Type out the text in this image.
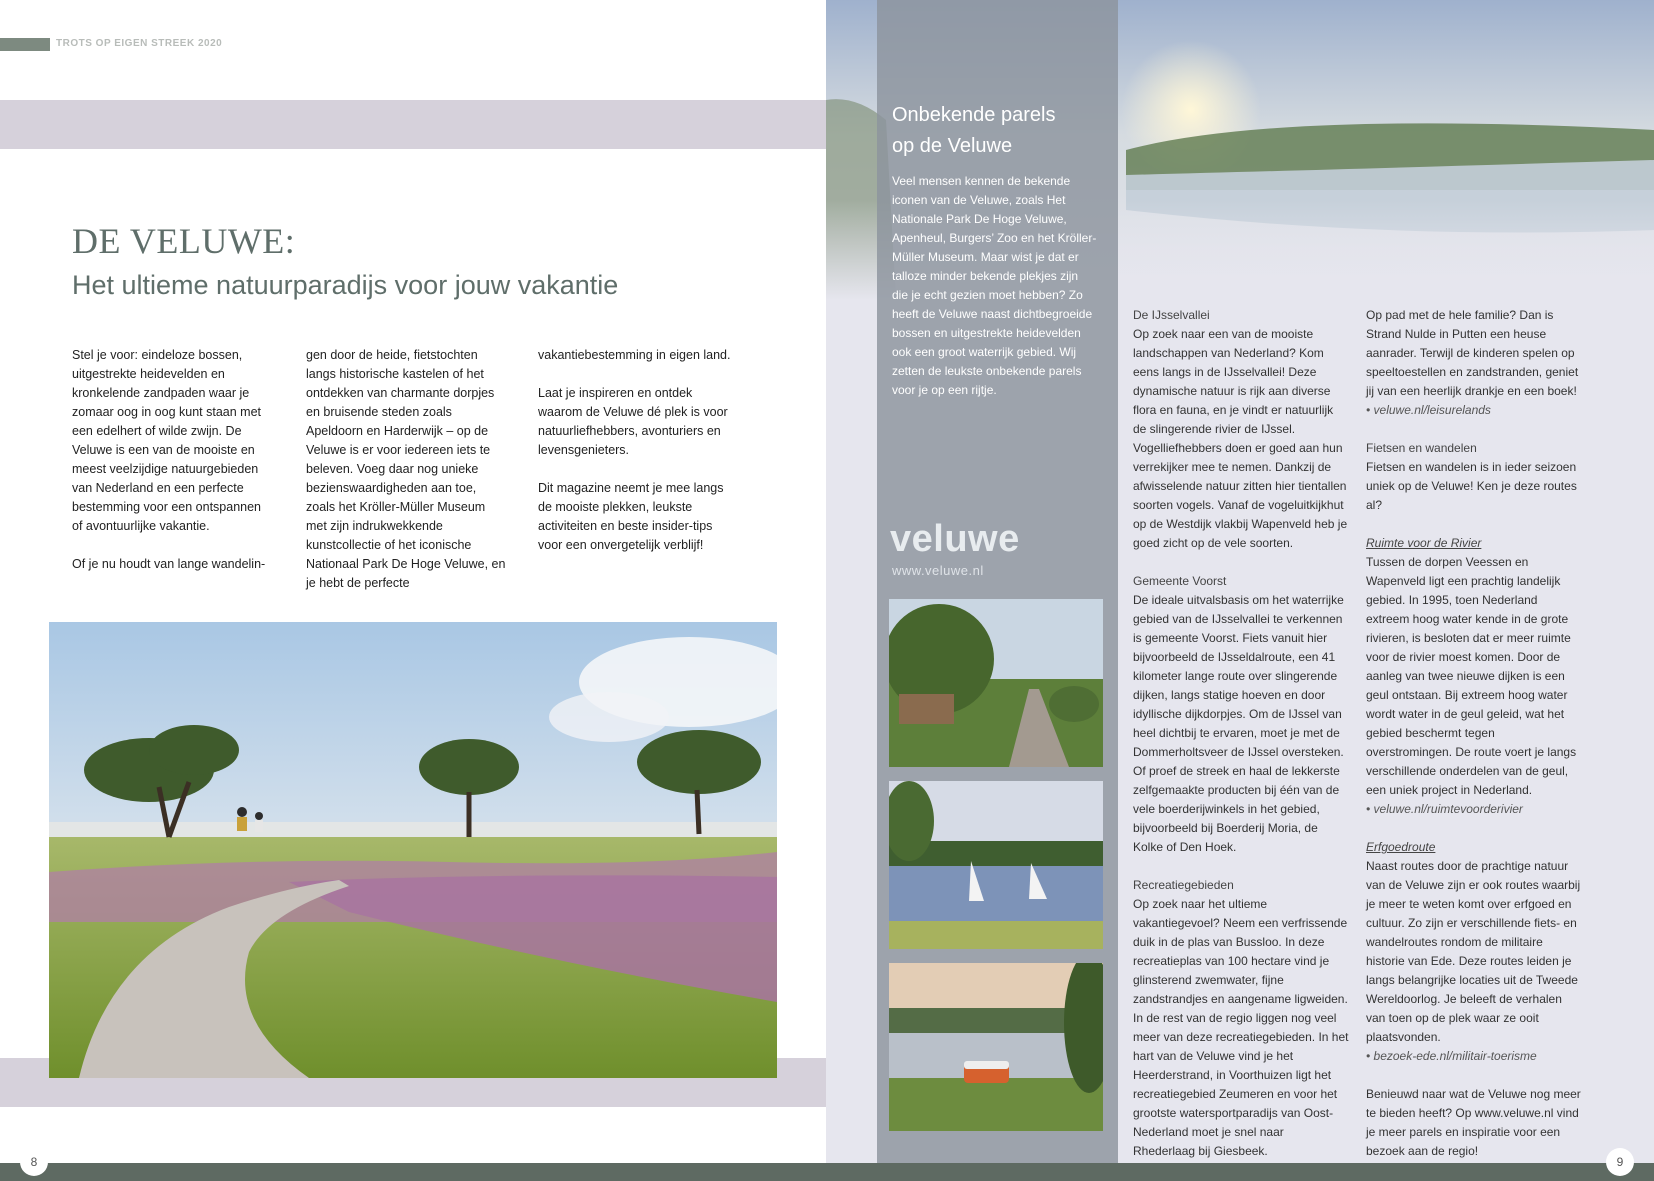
TROTS OP EIGEN STREEK 2020
DE VELUWE:
Het ultieme natuurparadijs voor jouw vakantie

Stel je voor: eindeloze bossen, uitgestrekte heidevelden en kronkelende zandpaden waar je zomaar oog in oog kunt staan met een edelhert of wilde zwijn. De Veluwe is een van de mooiste en meest veelzijdige natuurgebieden van Nederland en een perfecte bestemming voor een ontspannen of avontuurlijke vakantie.

Of je nu houdt van lange wandelin-

gen door de heide, fietstochten langs historische kastelen of het ontdekken van charmante dorpjes en bruisende steden zoals Apeldoorn en Harderwijk – op de Veluwe is er voor iedereen iets te beleven. Voeg daar nog unieke bezienswaardigheden aan toe, zoals het Kröller-Müller Museum met zijn indrukwekkende kunstcollectie of het iconische Nationaal Park De Hoge Veluwe, en je hebt de perfecte

vakantiebestemming in eigen land.

Laat je inspireren en ontdek waarom de Veluwe dé plek is voor natuurliefhebbers, avonturiers en levensgenieters.

Dit magazine neemt je mee langs de mooiste plekken, leukste activiteiten en beste insider-tips voor een onvergetelijk verblijf!

Onbekende parels
op de Veluwe
Veel mensen kennen de bekende iconen van de Veluwe, zoals Het Nationale Park De Hoge Veluwe, Apenheul, Burgers’ Zoo en het Kröller-Müller Museum. Maar wist je dat er talloze minder bekende plekjes zijn die je echt gezien moet hebben? Zo heeft de Veluwe naast dichtbegroeide bossen en uitgestrekte heidevelden ook een groot waterrijk gebied. Wij zetten de leukste onbekende parels voor je op een rijtje.
veluwe
www.veluwe.nl

De IJsselvallei
Op zoek naar een van de mooiste landschappen van Nederland? Kom eens langs in de IJsselvallei! Deze dynamische natuur is rijk aan diverse flora en fauna, en je vindt er natuurlijk de slingerende rivier de IJssel. Vogelliefhebbers doen er goed aan hun verrekijker mee te nemen. Dankzij de afwisselende natuur zitten hier tientallen soorten vogels. Vanaf de vogeluitkijkhut op de Westdijk vlakbij Wapenveld heb je goed zicht op de vele soorten.

Gemeente Voorst
De ideale uitvalsbasis om het waterrijke gebied van de IJsselvallei te verkennen is gemeente Voorst. Fiets vanuit hier bijvoorbeeld de IJsseldalroute, een 41 kilometer lange route over slingerende dijken, langs statige hoeven en door idyllische dijkdorpjes. Om de IJssel van heel dichtbij te ervaren, moet je met de Dommerholtsveer de IJssel oversteken. Of proef de streek en haal de lekkerste zelfgemaakte producten bij één van de vele boerderijwinkels in het gebied, bijvoorbeeld bij Boerderij Moria, de Kolke of Den Hoek.

Recreatiegebieden
Op zoek naar het ultieme vakantiegevoel? Neem een verfrissende duik in de plas van Bussloo. In deze recreatieplas van 100 hectare vind je glinsterend zwemwater, fijne zandstrandjes en aangename ligweiden. In de rest van de regio liggen nog veel meer van deze recreatiegebieden. In het hart van de Veluwe vind je het Heerderstrand, in Voorthuizen ligt het recreatiegebied Zeumeren en voor het grootste watersportparadijs van Oost-Nederland moet je snel naar Rhederlaag bij Giesbeek.

Op pad met de hele familie? Dan is Strand Nulde in Putten een heuse aanrader. Terwijl de kinderen spelen op speeltoestellen en zandstranden, geniet jij van een heerlijk drankje en een boek!
• veluwe.nl/leisurelands

Fietsen en wandelen
Fietsen en wandelen is in ieder seizoen uniek op de Veluwe! Ken je deze routes al?

Ruimte voor de Rivier
Tussen de dorpen Veessen en Wapenveld ligt een prachtig landelijk gebied. In 1995, toen Nederland extreem hoog water kende in de grote rivieren, is besloten dat er meer ruimte voor de rivier moest komen. Door de aanleg van twee nieuwe dijken is een geul ontstaan. Bij extreem hoog water wordt water in de geul geleid, wat het gebied beschermt tegen overstromingen. De route voert je langs verschillende onderdelen van de geul, een uniek project in Nederland.
• veluwe.nl/ruimtevoorderivier

Erfgoedroute
Naast routes door de prachtige natuur van de Veluwe zijn er ook routes waarbij je meer te weten komt over erfgoed en cultuur. Zo zijn er verschillende fiets- en wandelroutes rondom de militaire historie van Ede. Deze routes leiden je langs belangrijke locaties uit de Tweede Wereldoorlog. Je beleeft de verhalen van toen op de plek waar ze ooit plaatsvonden.
• bezoek-ede.nl/militair-toerisme

Benieuwd naar wat de Veluwe nog meer te bieden heeft? Op www.veluwe.nl vind je meer parels en inspiratie voor een bezoek aan de regio!

8	9
